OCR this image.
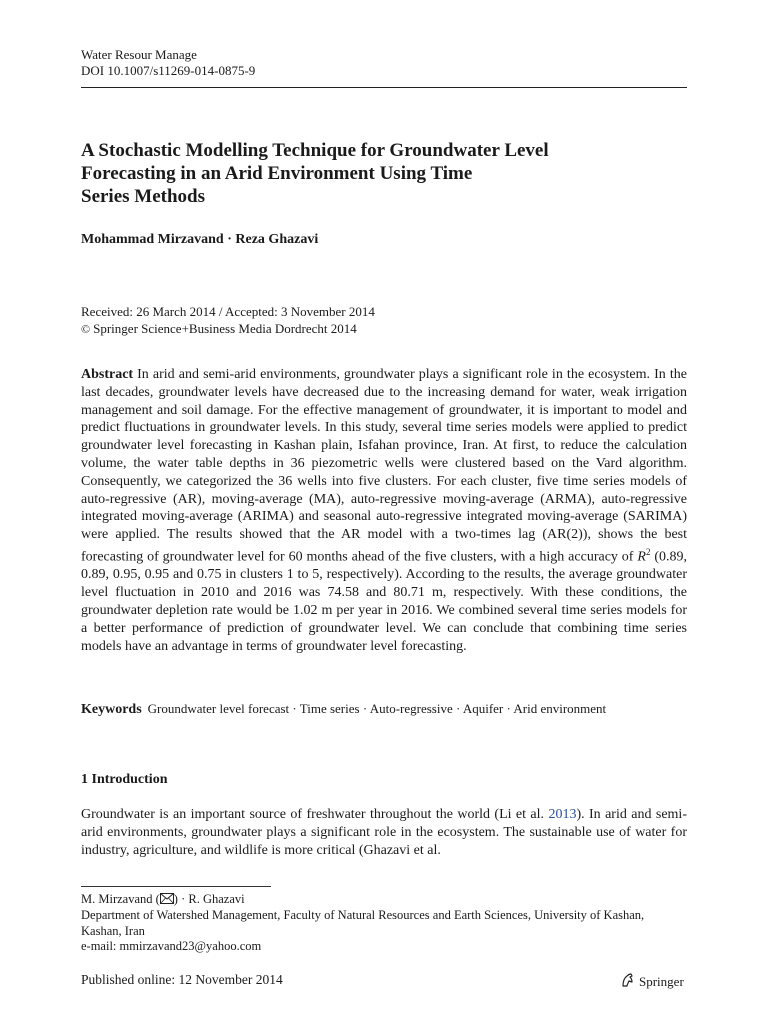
Water Resour Manage
DOI 10.1007/s11269-014-0875-9
A Stochastic Modelling Technique for Groundwater Level
Forecasting in an Arid Environment Using Time
Series Methods
Mohammad Mirzavand · Reza Ghazavi
Received: 26 March 2014 / Accepted: 3 November 2014
© Springer Science+Business Media Dordrecht 2014

Abstract In arid and semi-arid environments, groundwater plays a significant role in the ecosystem. In the last decades, groundwater levels have decreased due to the increasing demand for water, weak irrigation management and soil damage. For the effective management of groundwater, it is important to model and predict fluctuations in groundwater levels. In this study, several time series models were applied to predict groundwater level forecasting in Kashan plain, Isfahan province, Iran. At first, to reduce the calculation volume, the water table depths in 36 piezometric wells were clustered based on the Vard algorithm. Consequently, we categorized the 36 wells into five clusters. For each cluster, five time series models of auto-regressive (AR), moving-average (MA), auto-regressive moving-average (ARMA), auto-regressive integrated moving-average (ARIMA) and seasonal auto-regressive integrated moving-average (SARIMA) were applied. The results showed that the AR model with a two-times lag (AR(2)), shows the best forecasting of groundwater level for 60 months ahead of the five clusters, with a high accuracy of $R^2$ (0.89, 0.89, 0.95, 0.95 and 0.75 in clusters 1 to 5, respectively). According to the results, the average groundwater level fluctuation in 2010 and 2016 was 74.58 and 80.71 m, respectively. With these conditions, the groundwater depletion rate would be 1.02 m per year in 2016. We combined several time series models for a better performance of prediction of groundwater level. We can conclude that combining time series models have an advantage in terms of groundwater level forecasting.

Keywords Groundwater level forecast · Time series · Auto-regressive · Aquifer · Arid environment

1 Introduction

Groundwater is an important source of freshwater throughout the world (Li et al. 2013). In arid and semi-arid environments, groundwater plays a significant role in the ecosystem. The sustainable use of water for industry, agriculture, and wildlife is more critical (Ghazavi et al.

M. Mirzavand ( ) · R. Ghazavi
Department of Watershed Management, Faculty of Natural Resources and Earth Sciences, University of Kashan, Kashan, Iran
e-mail: mmirzavand23@yahoo.com

Published online: 12 November 2014	Springer
